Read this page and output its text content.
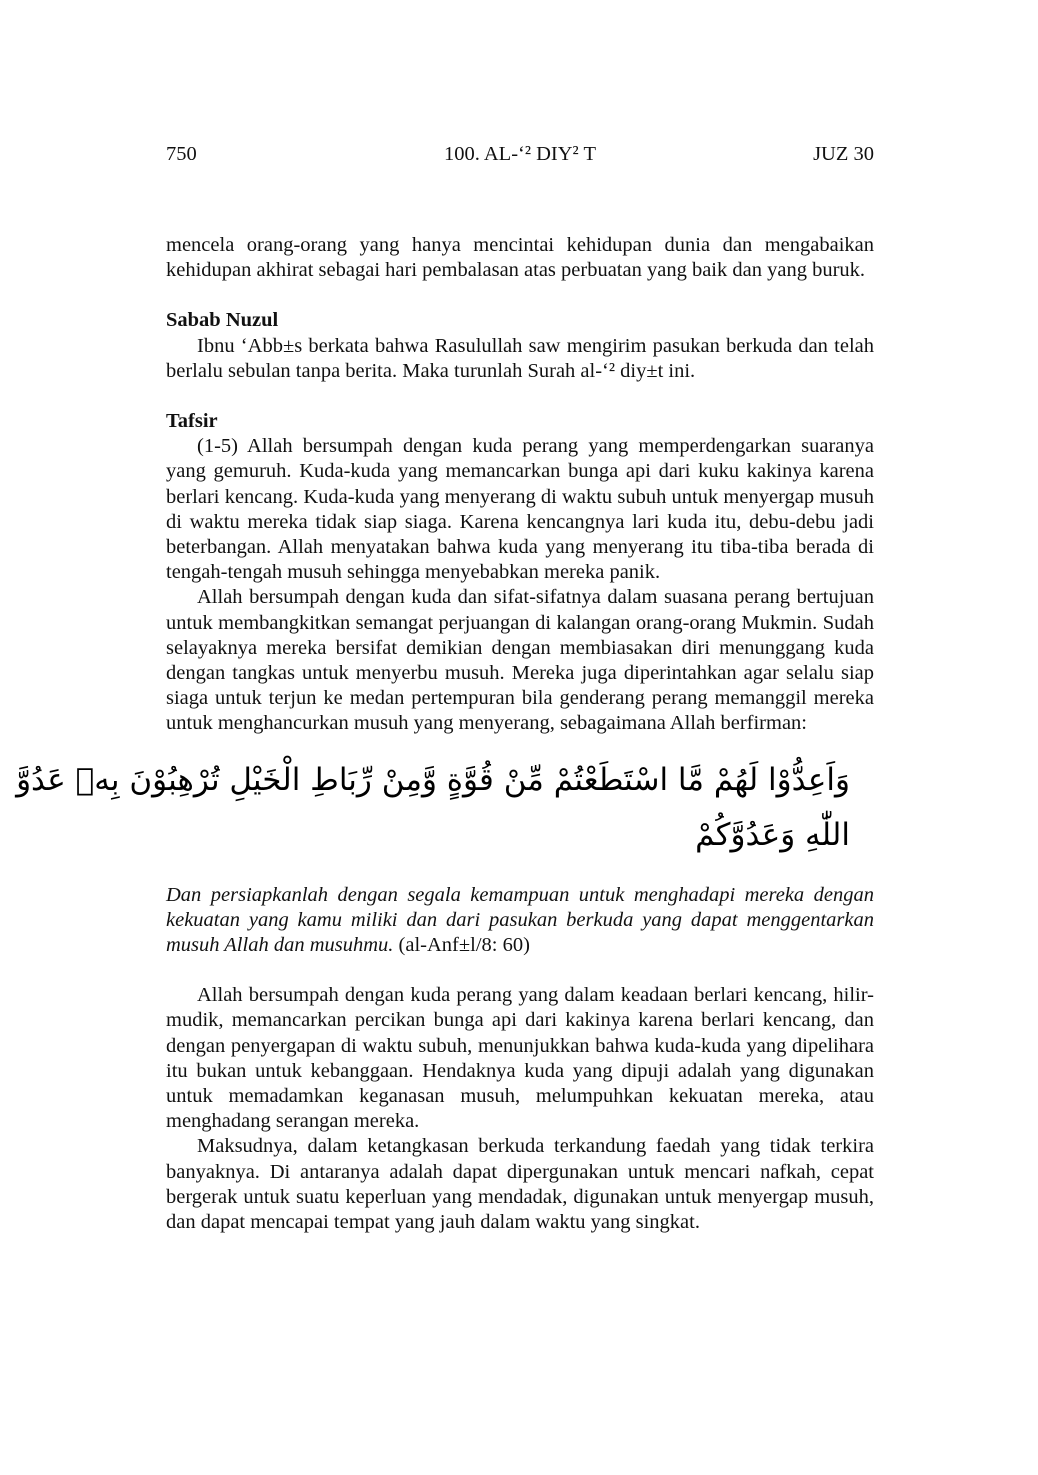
750	100. AL-‘² DIY² T	JUZ 30

mencela orang-orang yang hanya mencintai kehidupan dunia dan mengabaikan kehidupan akhirat sebagai hari pembalasan atas perbuatan yang baik dan yang buruk.

Sabab Nuzul

Ibnu ‘Abb±s berkata bahwa Rasulullah saw mengirim pasukan berkuda dan telah berlalu sebulan tanpa berita. Maka turunlah Surah al-‘² diy±t ini.

Tafsir

(1-5) Allah bersumpah dengan kuda perang yang memperdengarkan suaranya yang gemuruh. Kuda-kuda yang memancarkan bunga api dari kuku kakinya karena berlari kencang. Kuda-kuda yang menyerang di waktu subuh untuk menyergap musuh di waktu mereka tidak siap siaga. Karena kencangnya lari kuda itu, debu-debu jadi beterbangan. Allah menyatakan bahwa kuda yang menyerang itu tiba-tiba berada di tengah-tengah musuh sehingga menyebabkan mereka panik.

Allah bersumpah dengan kuda dan sifat-sifatnya dalam suasana perang bertujuan untuk membangkitkan semangat perjuangan di kalangan orang-orang Mukmin. Sudah selayaknya mereka bersifat demikian dengan membiasakan diri menunggang kuda dengan tangkas untuk menyerbu musuh. Mereka juga diperintahkan agar selalu siap siaga untuk terjun ke medan pertempuran bila genderang perang memanggil mereka untuk menghancurkan musuh yang menyerang, sebagaimana Allah berfirman:

وَاَعِدُّوْا لَهُمْ مَّا اسْتَطَعْتُمْ مِّنْ قُوَّةٍ وَّمِنْ رِّبَاطِ الْخَيْلِ تُرْهِبُوْنَ بِهٖ عَدُوَّ
اللّٰهِ وَعَدُوَّكُمْ

Dan persiapkanlah dengan segala kemampuan untuk menghadapi mereka dengan kekuatan yang kamu miliki dan dari pasukan berkuda yang dapat menggentarkan musuh Allah dan musuhmu. (al-Anf±l/8: 60)

Allah bersumpah dengan kuda perang yang dalam keadaan berlari kencang, hilir-mudik, memancarkan percikan bunga api dari kakinya karena berlari kencang, dan dengan penyergapan di waktu subuh, menunjukkan bahwa kuda-kuda yang dipelihara itu bukan untuk kebanggaan. Hendaknya kuda yang dipuji adalah yang digunakan untuk memadamkan keganasan musuh, melumpuhkan kekuatan mereka, atau menghadang serangan mereka.

Maksudnya, dalam ketangkasan berkuda terkandung faedah yang tidak terkira banyaknya. Di antaranya adalah dapat dipergunakan untuk mencari nafkah, cepat bergerak untuk suatu keperluan yang mendadak, digunakan untuk menyergap musuh, dan dapat mencapai tempat yang jauh dalam waktu yang singkat.
